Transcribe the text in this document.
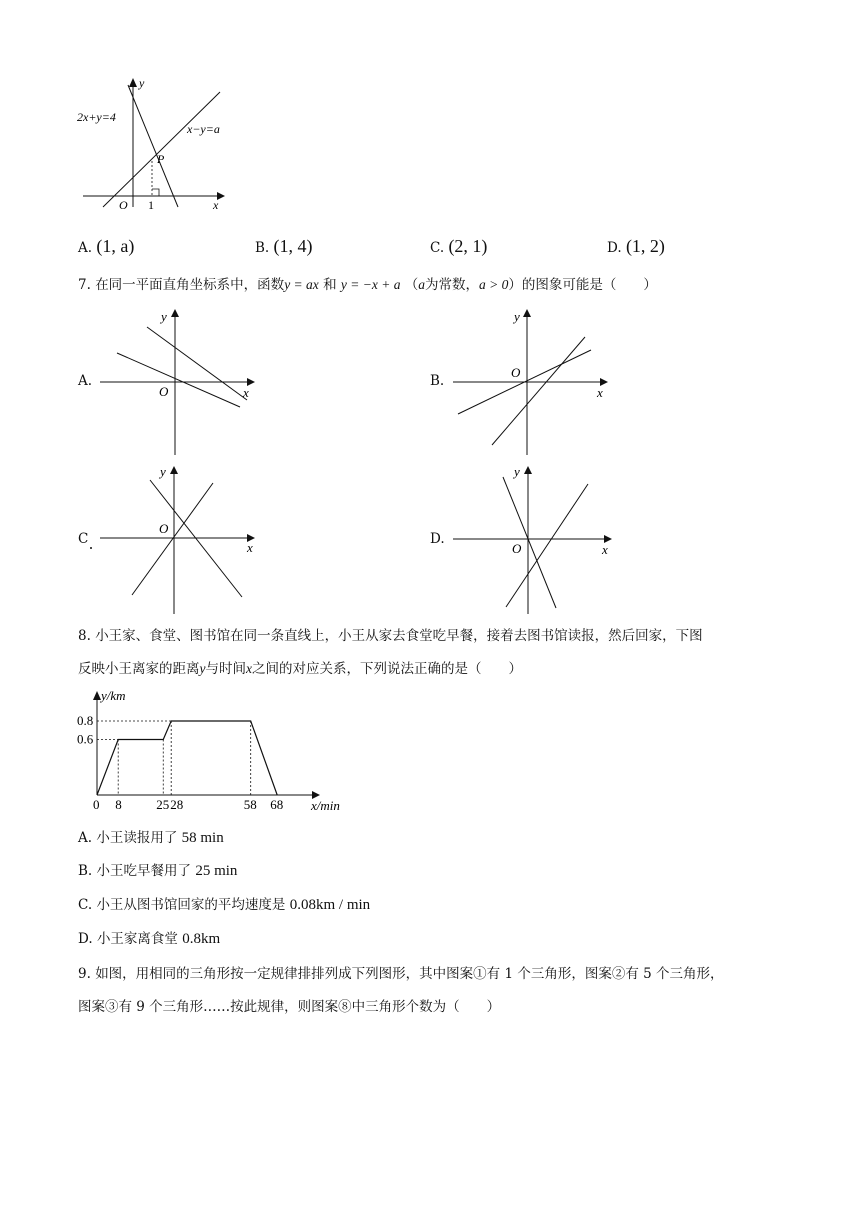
y
x
O 1
P
2x+y=4
x−y=a
A. (1, a)	B. (1, 4)	C. (2, 1)	D. (1, 2)
7. 在同一平面直角坐标系中，函数y = ax 和 y = −x + a （a为常数，a > 0）的图象可能是（　　）
A.	B.
C	D.
y
x
O
y
x
O
y
x
O
y
x
O
8. 小王家、食堂、图书馆在同一条直线上，小王从家去食堂吃早餐，接着去图书馆读报，然后回家，下图
反映小王离家的距离y与时间x之间的对应关系，下列说法正确的是（　　）
y/km
x/min
0 8	25 28	58 68
0.6
0.8
A. 小王读报用了 58 min
B. 小王吃早餐用了 25 min
C. 小王从图书馆回家的平均速度是 0.08km / min
D. 小王家离食堂 0.8km
9. 如图，用相同的三角形按一定规律排排列成下列图形，其中图案①有 1 个三角形，图案②有 5 个三角形，
图案③有 9 个三角形……按此规律，则图案⑧中三角形个数为（　　）
